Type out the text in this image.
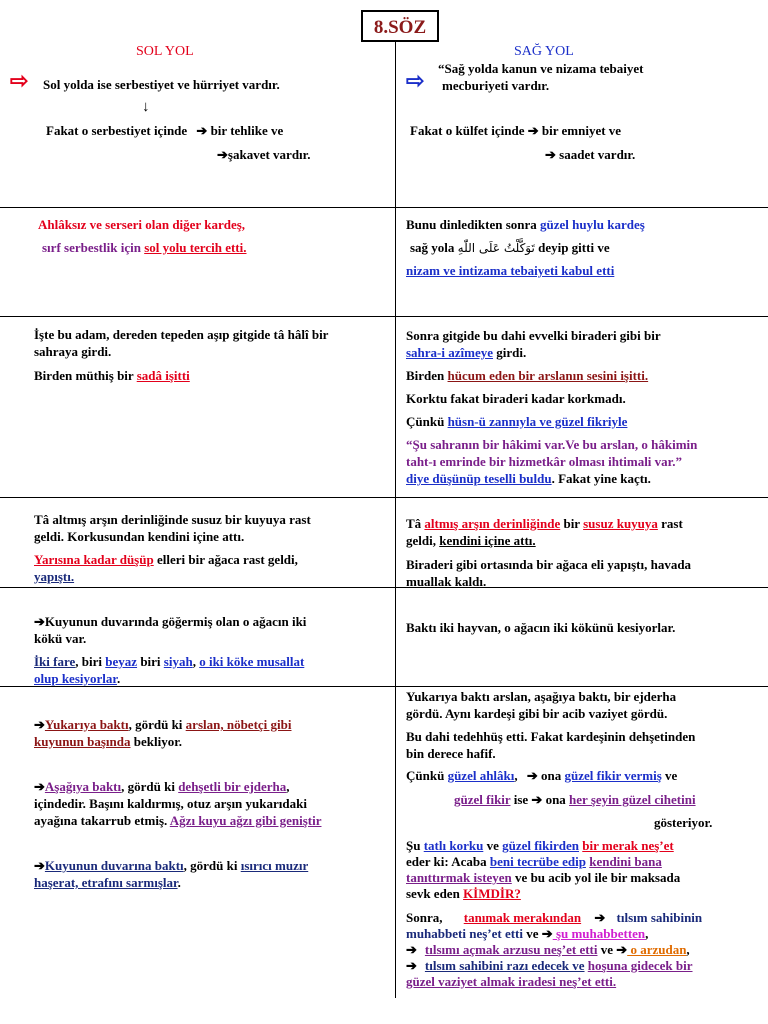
8.SÖZ
SOL YOL	SAĞ YOL
⇨ Sol yolda ise serbestiyet ve hürriyet vardır.
↓
Fakat o serbestiyet içinde ➔ bir tehlike ve
➔şakavet vardır.
⇨ “Sağ yolda kanun ve nizama tebaiyet
mecburiyeti vardır.
Fakat o külfet içinde ➔ bir emniyet ve
➔ saadet vardır.
Ahlâksız ve serseri olan diğer kardeş,
sırf serbestlik için sol yolu tercih etti.
Bunu dinledikten sonra güzel huylu kardeş
sağ yola تَوَكَّلْتُ عَلَى اللّٰهِ deyip gitti ve
nizam ve intizama tebaiyeti kabul etti
İşte bu adam, dereden tepeden aşıp gitgide tâ hâlî bir
sahraya girdi.
Birden müthiş bir sadâ işitti
Sonra gitgide bu dahi evvelki biraderi gibi bir
sahra-i azîmeye girdi.
Birden hücum eden bir arslanın sesini işitti.
Korktu fakat biraderi kadar korkmadı.
Çünkü hüsn-ü zannıyla ve güzel fikriyle
“Şu sahranın bir hâkimi var.Ve bu arslan, o hâkimin
taht-ı emrinde bir hizmetkâr olması ihtimali var.”
diye düşünüp teselli buldu. Fakat yine kaçtı.
Tâ altmış arşın derinliğinde susuz bir kuyuya rast
geldi. Korkusundan kendini içine attı.
Yarısına kadar düşüp elleri bir ağaca rast geldi,
yapıştı.
Tâ altmış arşın derinliğinde bir susuz kuyuya rast
geldi, kendini içine attı.
Biraderi gibi ortasında bir ağaca eli yapıştı, havada
muallak kaldı.
➔Kuyunun duvarında göğermiş olan o ağacın iki
kökü var.
İki fare, biri beyaz biri siyah, o iki köke musallat
olup kesiyorlar.
Baktı iki hayvan, o ağacın iki kökünü kesiyorlar.
➔Yukarıya baktı, gördü ki arslan, nöbetçi gibi
kuyunun başında bekliyor.
➔Aşağıya baktı, gördü ki dehşetli bir ejderha,
içindedir. Başını kaldırmış, otuz arşın yukarıdaki
ayağına takarrub etmiş. Ağzı kuyu ağzı gibi geniştir
➔Kuyunun duvarına baktı, gördü ki ısırıcı muzır
haşerat, etrafını sarmışlar.
Yukarıya baktı arslan, aşağıya baktı, bir ejderha
gördü. Aynı kardeşi gibi bir acib vaziyet gördü.
Bu dahi tedehhüş etti. Fakat kardeşinin dehşetinden
bin derece hafif.
Çünkü güzel ahlâkı, ➔ ona güzel fikir vermiş ve
güzel fikir ise ➔ ona her şeyin güzel cihetini
gösteriyor.
Şu tatlı korku ve güzel fikirden bir merak neş’et
eder ki: Acaba beni tecrübe edip kendini bana
tanıttırmak isteyen ve bu acib yol ile bir maksada
sevk eden KİMDİR?
Sonra, tanımak merakından ➔ tılsım sahibinin
muhabbeti neş’et etti ve ➔ şu muhabbetten,
➔ tılsımı açmak arzusu neş’et etti ve ➔ o arzudan,
➔ tılsım sahibini razı edecek ve hoşuna gidecek bir
güzel vaziyet almak iradesi neş’et etti.
